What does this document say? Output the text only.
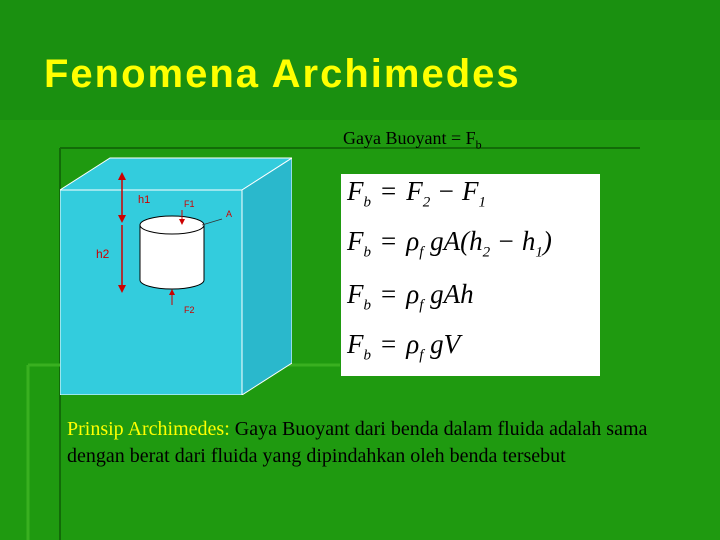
Fenomena Archimedes
Gaya Buoyant = $F_b$
h1	F1
A
h2
F2
$F_b = F_2 - F_1$
$F_b = \rho_f$ $gA(h_2 - h_1)$
$F_b = \rho_f$ gAh
$F_b = \rho_f$ gV
Prinsip Archimedes: Gaya Buoyant dari benda dalam fluida adalah sama dengan berat dari fluida yang dipindahkan oleh benda tersebut
